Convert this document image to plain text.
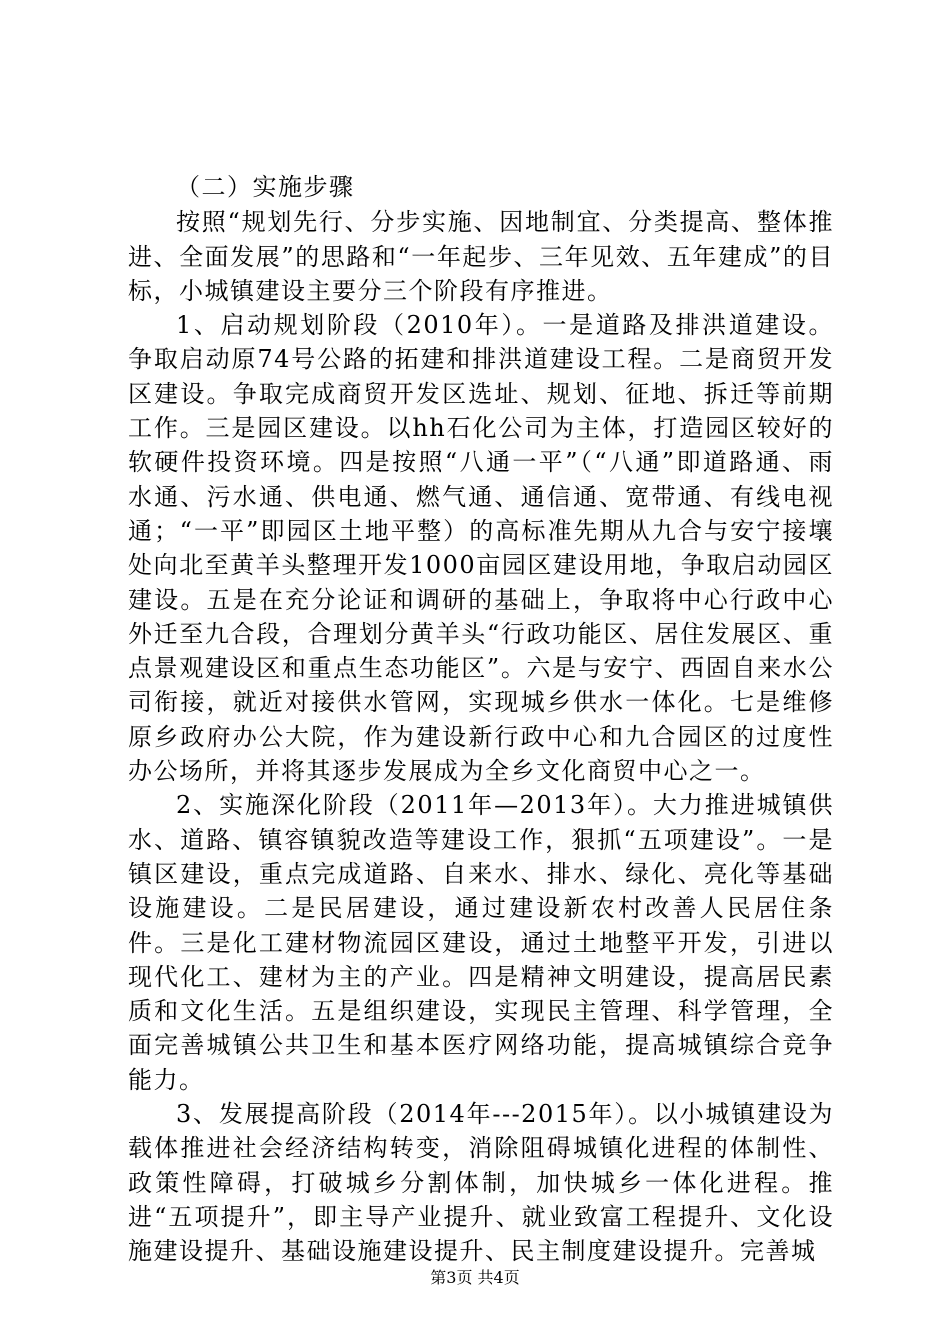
（二）实施步骤

按照“规划先行、分步实施、因地制宜、分类提高、整体推进、全面发展”的思路和“一年起步、三年见效、五年建成”的目标，小城镇建设主要分三个阶段有序推进。

1、启动规划阶段（2010年）。一是道路及排洪道建设。争取启动原74号公路的拓建和排洪道建设工程。二是商贸开发区建设。争取完成商贸开发区选址、规划、征地、拆迁等前期工作。三是园区建设。以hh石化公司为主体，打造园区较好的软硬件投资环境。四是按照“八通一平”（“八通”即道路通、雨水通、污水通、供电通、燃气通、通信通、宽带通、有线电视通；“一平”即园区土地平整）的高标准先期从九合与安宁接壤处向北至黄羊头整理开发1000亩园区建设用地，争取启动园区建设。五是在充分论证和调研的基础上，争取将中心行政中心外迁至九合段，合理划分黄羊头“行政功能区、居住发展区、重点景观建设区和重点生态功能区”。六是与安宁、西固自来水公司衔接，就近对接供水管网，实现城乡供水一体化。七是维修原乡政府办公大院，作为建设新行政中心和九合园区的过度性办公场所，并将其逐步发展成为全乡文化商贸中心之一。

2、实施深化阶段（2011年—2013年）。大力推进城镇供水、道路、镇容镇貌改造等建设工作，狠抓“五项建设”。一是镇区建设，重点完成道路、自来水、排水、绿化、亮化等基础设施建设。二是民居建设，通过建设新农村改善人民居住条件。三是化工建材物流园区建设，通过土地整平开发，引进以现代化工、建材为主的产业。四是精神文明建设，提高居民素质和文化生活。五是组织建设，实现民主管理、科学管理，全面完善城镇公共卫生和基本医疗网络功能，提高城镇综合竞争能力。

3、发展提高阶段（2014年---2015年）。以小城镇建设为载体推进社会经济结构转变，消除阻碍城镇化进程的体制性、政策性障碍，打破城乡分割体制，加快城乡一体化进程。推进“五项提升”，即主导产业提升、就业致富工程提升、文化设施建设提升、基础设施建设提升、民主制度建设提升。完善城

第3页 共4页
